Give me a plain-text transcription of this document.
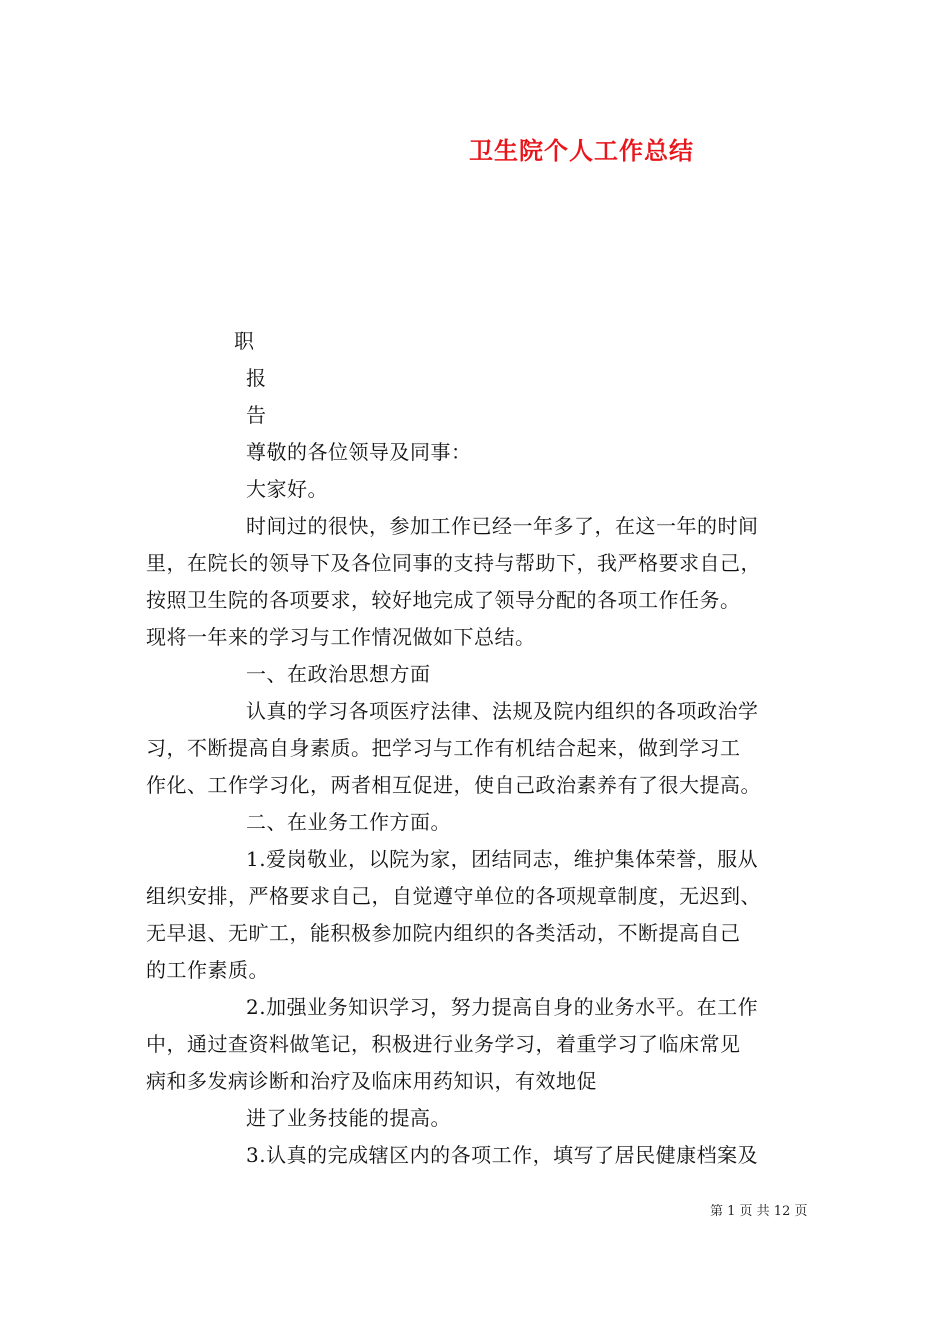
卫生院个人工作总结
职
报
告
尊敬的各位领导及同事：
大家好。
时间过的很快，参加工作已经一年多了，在这一年的时间
里，在院长的领导下及各位同事的支持与帮助下，我严格要求自己，
按照卫生院的各项要求，较好地完成了领导分配的各项工作任务。
现将一年来的学习与工作情况做如下总结。
一、在政治思想方面
认真的学习各项医疗法律、法规及院内组织的各项政治学
习，不断提高自身素质。把学习与工作有机结合起来，做到学习工
作化、工作学习化，两者相互促进，使自己政治素养有了很大提高。
二、在业务工作方面。
1.爱岗敬业，以院为家，团结同志，维护集体荣誉，服从
组织安排，严格要求自己，自觉遵守单位的各项规章制度，无迟到、
无早退、无旷工，能积极参加院内组织的各类活动，不断提高自己
的工作素质。
2.加强业务知识学习，努力提高自身的业务水平。在工作
中，通过查资料做笔记，积极进行业务学习，着重学习了临床常见
病和多发病诊断和治疗及临床用药知识，有效地促
进了业务技能的提高。
3.认真的完成辖区内的各项工作，填写了居民健康档案及
第 1 页 共 12 页
